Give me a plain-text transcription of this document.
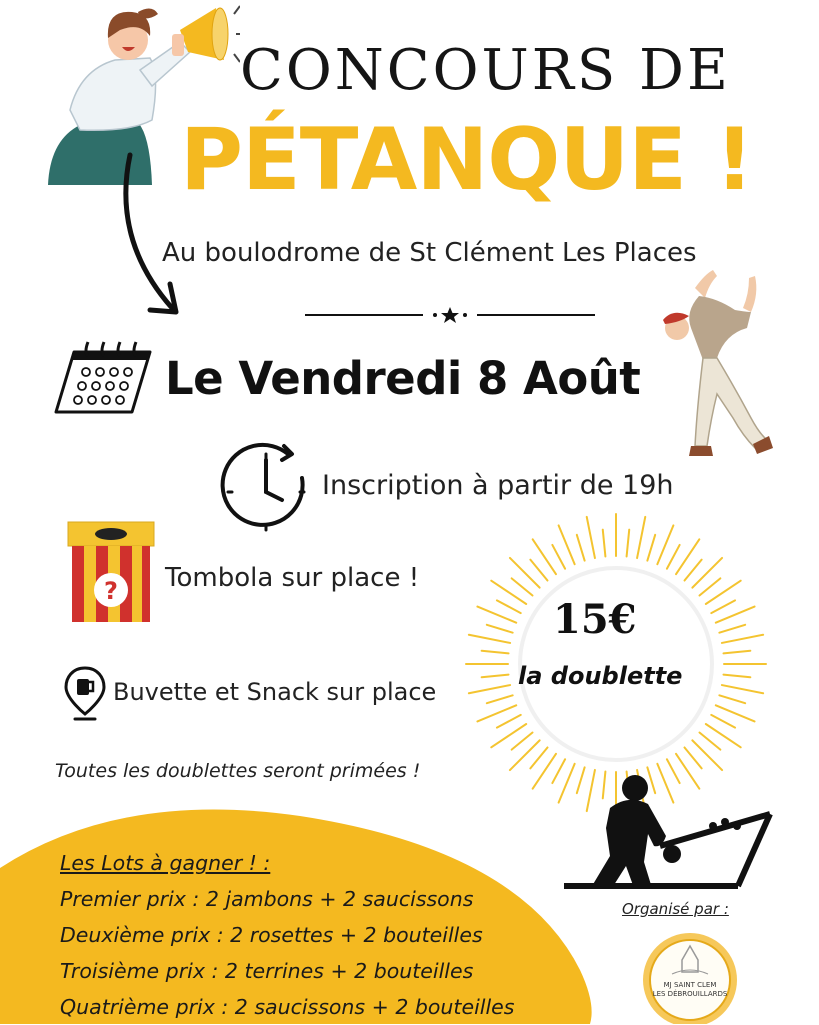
CONCOURS DE
PÉTANQUE !
Au boulodrome de St Clément Les Places
Le Vendredi 8 Août
Inscription à partir de 19h
? Tombola sur place !
15€
la doublette
Buvette et Snack sur place
Toutes les doublettes seront primées !
Les Lots à gagner ! :
Premier prix : 2 jambons + 2 saucissons
Deuxième prix : 2 rosettes + 2 bouteilles
Troisième prix : 2 terrines + 2 bouteilles
Quatrième prix : 2 saucissons + 2 bouteilles
Organisé par :
MJ SAINT CLEM
LES DÉBROUILLARDS
